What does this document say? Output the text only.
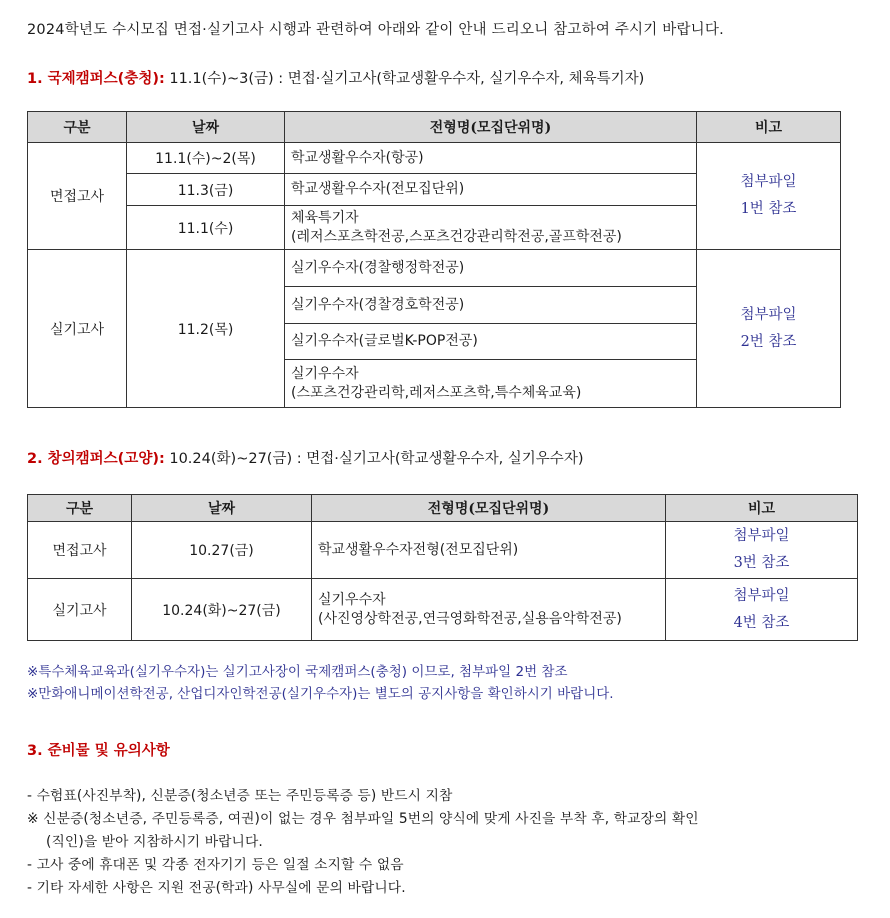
2024학년도 수시모집 면접·실기고사 시행과 관련하여 아래와 같이 안내 드리오니 참고하여 주시기 바랍니다.
1. 국제캠퍼스(충청): 11.1(수)~3(금) : 면접·실기고사(학교생활우수자, 실기우수자, 체육특기자)
구분	날짜	전형명(모집단위명)	비고
면접고사	11.1(수)~2(목)	학교생활우수자(항공)	첨부파일
1번 참조

	11.3(금)	학교생활우수자(전모집단위)	
	11.1(수)	체육특기자
(레저스포츠학전공,스포츠건강관리학전공,골프학전공)	

실기고사	11.2(목)	실기우수자(경찰행정학전공)	첨부파일
2번 참조

		실기우수자(경찰경호학전공)	
		실기우수자(글로벌K-POP전공)	

		실기우수자
(스포츠건강관리학,레저스포츠학,특수체육교육)	
2. 창의캠퍼스(고양): 10.24(화)~27(금) : 면접·실기고사(학교생활우수자, 실기우수자)
구분	날짜	전형명(모집단위명)	비고
면접고사	10.27(금)	학교생활우수자전형(전모집단위)	첨부파일
3번 참조

실기고사	10.24(화)~27(금)	실기우수자
(사진영상학전공,연극영화학전공,실용음악학전공)	첨부파일
4번 참조
※특수체육교육과(실기우수자)는 실기고사장이 국제캠퍼스(충청) 이므로, 첨부파일 2번 참조
※만화애니메이션학전공, 산업디자인학전공(실기우수자)는 별도의 공지사항을 확인하시기 바랍니다.
3. 준비물 및 유의사항
- 수험표(사진부착), 신분증(청소년증 또는 주민등록증 등) 반드시 지참
※ 신분증(청소년증, 주민등록증, 여권)이 없는 경우 첨부파일 5번의 양식에 맞게 사진을 부착 후, 학교장의 확인
(직인)을 받아 지참하시기 바랍니다.
- 고사 중에 휴대폰 및 각종 전자기기 등은 일절 소지할 수 없음
- 기타 자세한 사항은 지원 전공(학과) 사무실에 문의 바랍니다.
